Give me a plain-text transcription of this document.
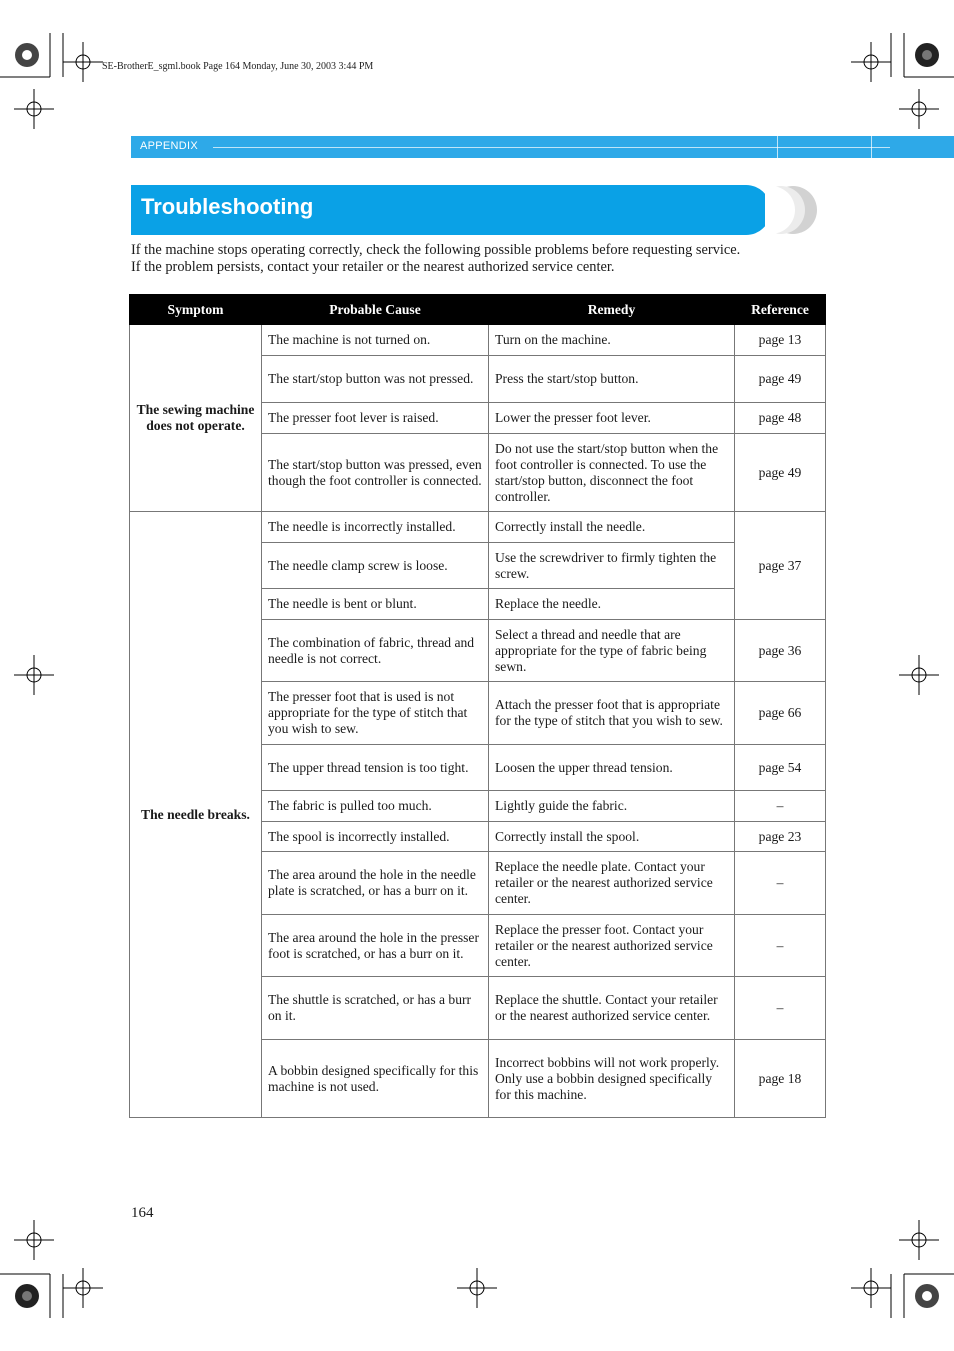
SE-BrotherE_sgml.book Page 164 Monday, June 30, 2003 3:44 PM
APPENDIX
Troubleshooting

If the machine stops operating correctly, check the following possible problems before requesting service.

If the problem persists, contact your retailer or the nearest authorized service center.

Symptom	Probable Cause	Remedy	Reference
The sewing machine does not operate.	The machine is not turned on.	Turn on the machine.	page 13
	The start/stop button was not pressed.	Press the start/stop button.	page 49
	The presser foot lever is raised.	Lower the presser foot lever.	page 48
	The start/stop button was pressed, even though the foot controller is connected.	Do not use the start/stop button when the foot controller is connected. To use the start/stop button, disconnect the foot controller.	page 49
The needle breaks.	The needle is incorrectly installed.	Correctly install the needle.	page 37
	The needle clamp screw is loose.	Use the screwdriver to firmly tighten the screw.	
	The needle is bent or blunt.	Replace the needle.	
	The combination of fabric, thread and needle is not correct.	Select a thread and needle that are appropriate for the type of fabric being sewn.	page 36
	The presser foot that is used is not appropriate for the type of stitch that you wish to sew.	Attach the presser foot that is appropriate for the type of stitch that you wish to sew.	page 66
	The upper thread tension is too tight.	Loosen the upper thread tension.	page 54
	The fabric is pulled too much.	Lightly guide the fabric.	–
	The spool is incorrectly installed.	Correctly install the spool.	page 23
	The area around the hole in the needle plate is scratched, or has a burr on it.	Replace the needle plate. Contact your retailer or the nearest authorized service center.	–
	The area around the hole in the presser foot is scratched, or has a burr on it.	Replace the presser foot. Contact your retailer or the nearest authorized service center.	–
	The shuttle is scratched, or has a burr on it.	Replace the shuttle. Contact your retailer or the nearest authorized service center.	–
	A bobbin designed specifically for this machine is not used.	Incorrect bobbins will not work properly. Only use a bobbin designed specifically for this machine.	page 18
164
